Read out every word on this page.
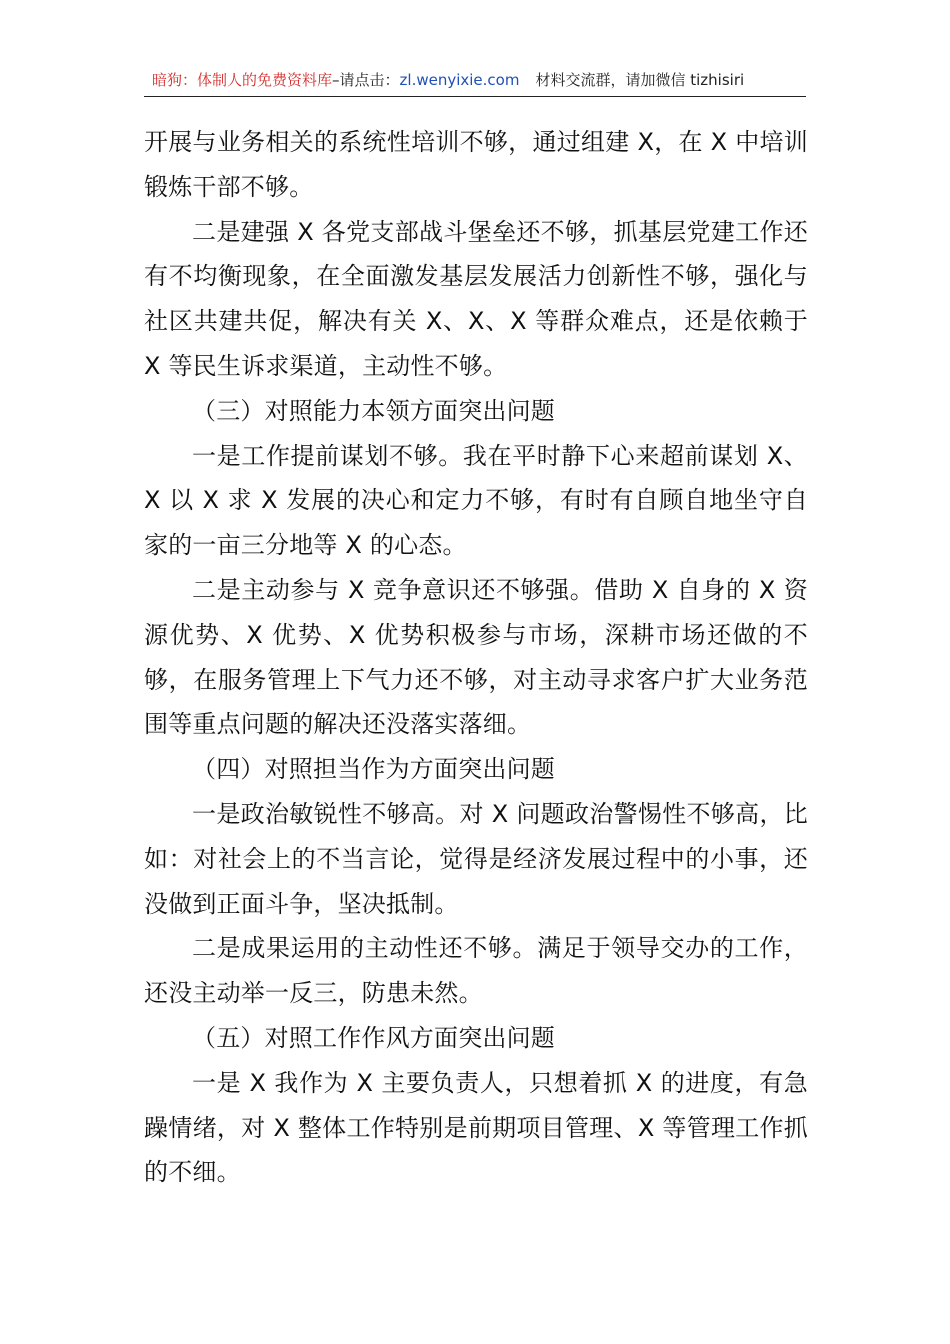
暗狗：体制人的免费资料库–请点击：zl.wenyixie.com 材料交流群，请加微信 tizhisiri

开展与业务相关的系统性培训不够，通过组建 X，在 X 中培训锻炼干部不够。

二是建强 X 各党支部战斗堡垒还不够，抓基层党建工作还有不均衡现象，在全面激发基层发展活力创新性不够，强化与社区共建共促，解决有关 X、X、X 等群众难点，还是依赖于 X 等民生诉求渠道，主动性不够。

（三）对照能力本领方面突出问题

一是工作提前谋划不够。我在平时静下心来超前谋划 X、X 以 X 求 X 发展的决心和定力不够，有时有自顾自地坐守自家的一亩三分地等 X 的心态。

二是主动参与 X 竞争意识还不够强。借助 X 自身的 X 资源优势、X 优势、X 优势积极参与市场，深耕市场还做的不够，在服务管理上下气力还不够，对主动寻求客户扩大业务范围等重点问题的解决还没落实落细。

（四）对照担当作为方面突出问题

一是政治敏锐性不够高。对 X 问题政治警惕性不够高，比如：对社会上的不当言论，觉得是经济发展过程中的小事，还没做到正面斗争，坚决抵制。

二是成果运用的主动性还不够。满足于领导交办的工作，还没主动举一反三，防患未然。

（五）对照工作作风方面突出问题

一是 X 我作为 X 主要负责人，只想着抓 X 的进度，有急躁情绪，对 X 整体工作特别是前期项目管理、X 等管理工作抓的不细。
